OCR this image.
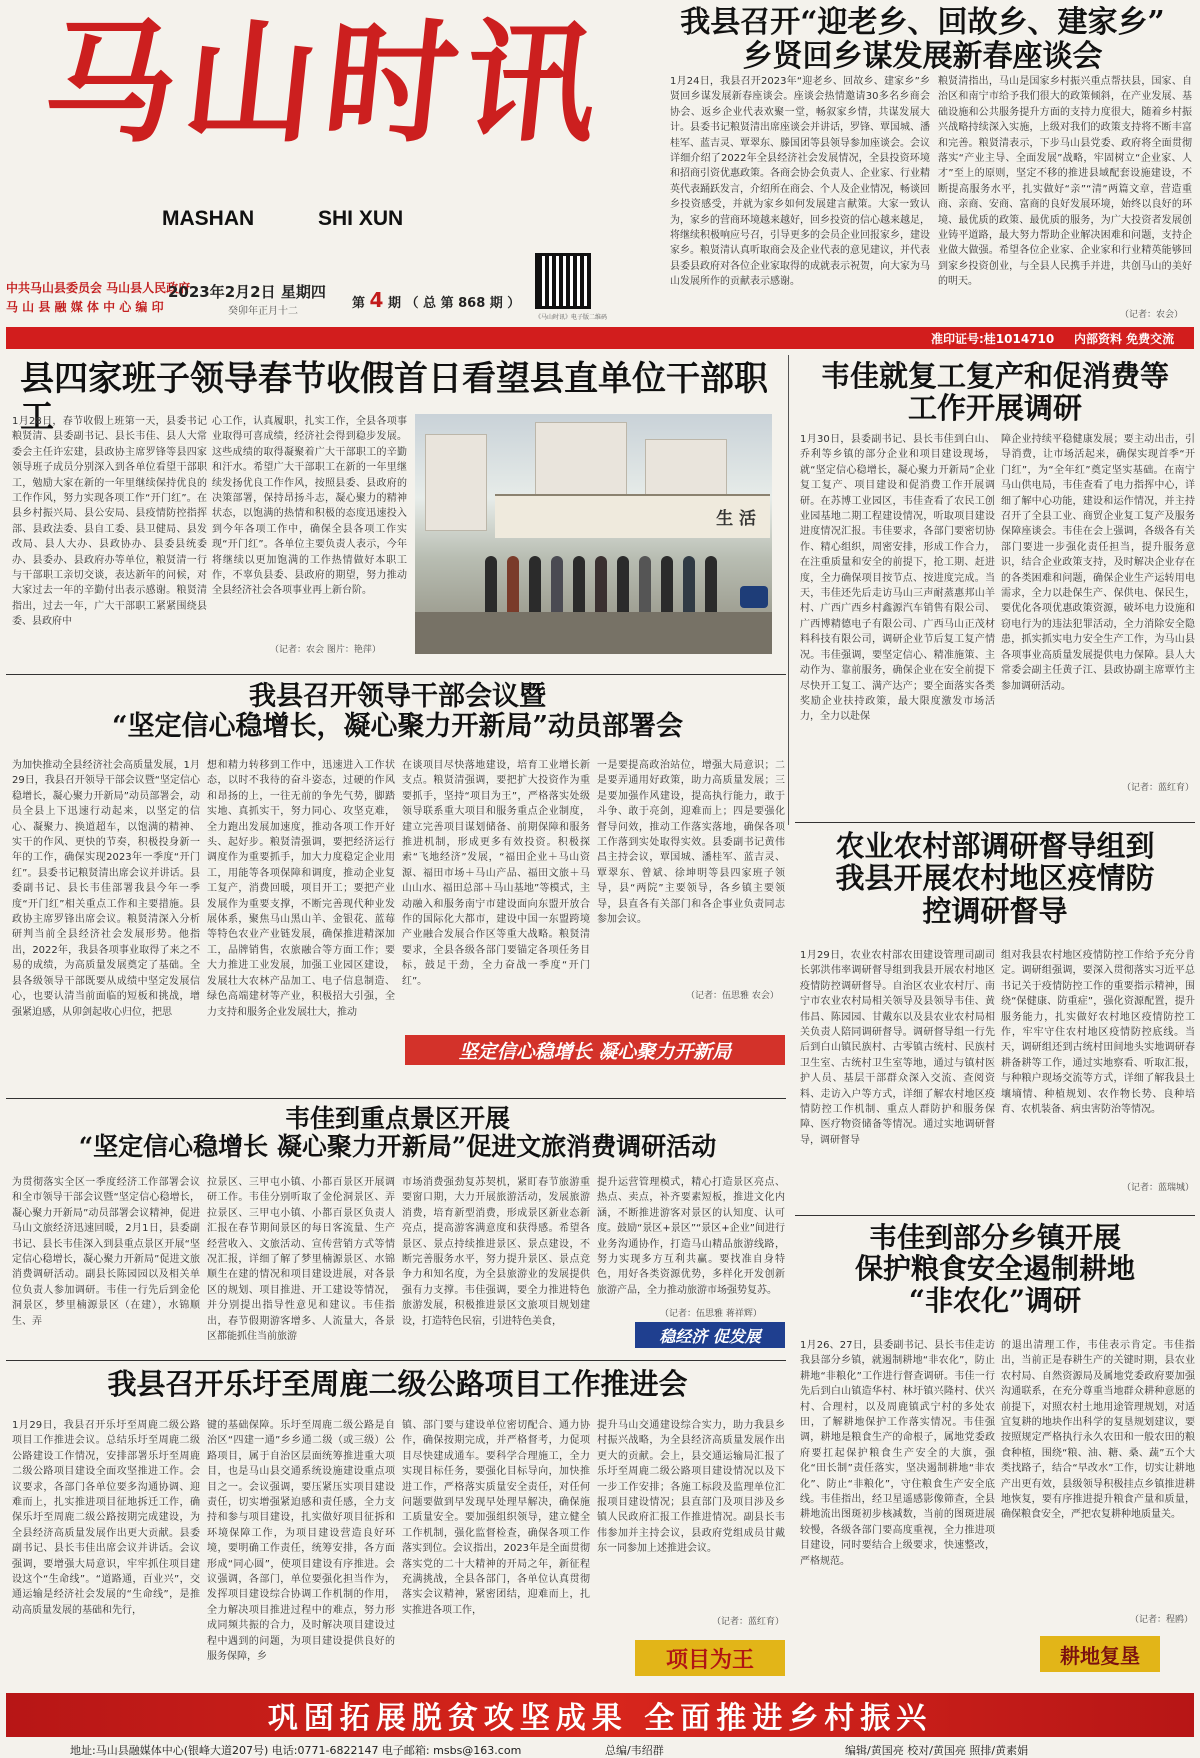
马山时讯
MASHAN	SHI XUN
中共马山县委员会 马山县人民政府
马 山 县 融 媒 体 中 心 编 印
2023年2月2日 星期四
癸卯年正月十二
第 4 期 （ 总 第 868 期 ）
《马山时讯》电子版二维码
我县召开“迎老乡、回故乡、建家乡”
乡贤回乡谋发展新春座谈会
1月24日，我县召开2023年“迎老乡、回故乡、建家乡”乡贤回乡谋发展新春座谈会。座谈会热情邀请30多名乡商会协会、返乡企业代表欢聚一堂，畅叙家乡情，共谋发展大计。县委书记粮贤清出席座谈会并讲话，罗锋、覃国城、潘桂军、蓝吉灵、覃翠东、滕国团等县领导参加座谈会。会议详细介绍了2022年全县经济社会发展情况，全县投资环境和招商引资优惠政策。各商会协会负责人、企业家、行业精英代表踊跃发言，介绍所在商会、个人及企业情况，畅谈回乡投资感受，并就为家乡如何发展建言献策。大家一致认为，家乡的营商环境越来越好，回乡投资的信心越来越足，将继续积极响应号召，引导更多的会员企业回报家乡，建设家乡。粮贤清认真听取商会及企业代表的意见建议，并代表县委县政府对各位企业家取得的成就表示祝贺，向大家为马山发展所作的贡献表示感谢。
粮贤清指出，马山是国家乡村振兴重点帮扶县，国家、自治区和南宁市给予我们很大的政策倾斜，在产业发展、基础设施和公共服务提升方面的支持力度很大，随着乡村振兴战略持续深入实施，上级对我们的政策支持将不断丰富和完善。粮贤清表示，下步马山县党委、政府将全面贯彻落实“产业主导、全面发展”战略，牢固树立“企业家、人才”至上的原则，坚定不移的推进县域配套设施建设，不断提高服务水平，扎实做好“亲”“清”两篇文章，营造重商、亲商、安商、富商的良好发展环境，始终以良好的环境、最优质的政策、最优质的服务，为广大投资者发展创业铸平道路，最大努力帮助企业解决困难和问题，支持企业做大做强。希望各位企业家、企业家和行业精英能够回到家乡投资创业，与全县人民携手并进，共创马山的美好的明天。
（记者：农会）
准印证号:桂1014710 内部资料 免费交流
县四家班子领导春节收假首日看望县直单位干部职工
1月28日，春节收假上班第一天，县委书记粮贤清、县委副书记、县长韦佳、县人大常委会主任许宏建，县政协主席罗锋等县四家领导班子成员分别深入到各单位看望干部职工，勉励大家在新的一年里继续保持优良的工作作风，努力实现各项工作“开门红”。在县乡村振兴局、县公安局、县疫情防控指挥部、县政法委、县自工委、县卫健局、县发改局、县人大办、县政协办、县委县统委办、县委办、县政府办等单位，粮贤清一行与干部职工亲切交谈，表达新年的问候，对大家过去一年的辛勤付出表示感谢。粮贤清指出，过去一年，广大干部职工紧紧围绕县委、县政府中
心工作，认真履职，扎实工作，全县各项事业取得可喜成绩，经济社会得到稳步发展。这些成绩的取得凝聚着广大干部职工的辛勤和汗水。希望广大干部职工在新的一年里继续发扬优良工作作风，按照县委、县政府的决策部署，保持昂扬斗志，凝心聚力的精神状态，以饱满的热情和积极的态度迅速投入到今年各项工作中，确保全县各项工作实现“开门红”。各单位主要负责人表示，今年将继续以更加饱满的工作热情做好本职工作，不辜负县委、县政府的期望，努力推动全县经济社会各项事业再上新台阶。
（记者：农会 图片：艳萍）
生 活
韦佳就复工复产和促消费等
工作开展调研
1月30日，县委副书记、县长韦佳到白山、乔利等乡镇的部分企业和项目建设现场，就“坚定信心稳增长，凝心聚力开新局”企业复工复产、项目建设和促消费工作开展调研。在苏博工业园区，韦佳查看了农民工创业园基地二期工程建设情况，听取项目建设进度情况汇报。韦佳要求，各部门要密切协作、精心组织，周密安排，形成工作合力，在注重质量和安全的前提下，抢工期、赶进度，全力确保项目按节点、按进度完成。当天，韦佳还先后走访马山三声耐蒸惠邦山羊村、广西广西乡村鑫源汽车销售有限公司、广西博精德电子有限公司、广西马山正茂材料科技有限公司，调研企业节后复工复产情况。韦佳强调，要坚定信心、精准施策、主动作为、靠前服务，确保企业在安全前提下尽快开工复工、满产达产；要全面落实各类奖励企业扶持政策，最大限度激发市场活力，全力以赴保
障企业持续平稳健康发展；要主动出击，引导消费，让市场活起来，确保实现首季“开门红”，为“全年红”奠定坚实基础。在南宁马山供电局，韦佳查看了电力指挥中心，详细了解中心功能，建设和运作情况，并主持召开了全县工业、商贸企业复工复产及服务保障座谈会。韦佳在会上强调，各级各有关部门要进一步强化责任担当，提升服务意识，结合企业政策支持，及时解决企业存在的各类困难和问题，确保企业生产运转用电需求，全力以赴保生产、保供电、保民生，要优化各项优惠政策资源，破坏电力设施和窃电行为的违法犯罪活动，全力消除安全隐患，抓实抓实电力安全生产工作，为马山县各项事业高质量发展提供电力保障。县人大常委会副主任黄子江、县政协副主席覃竹主参加调研活动。
（记者：蓝红育）
我县召开领导干部会议暨
“坚定信心稳增长，凝心聚力开新局”动员部署会
为加快推动全县经济社会高质量发展，1月29日，我县召开领导干部会议暨“坚定信心稳增长，凝心聚力开新局”动员部署会，动员全县上下迅速行动起来，以坚定的信心、凝聚力、换道超车，以饱满的精神、实干的作风、更快的节奏，积极投身新一年的工作，确保实现2023年一季度“开门红”。县委书记粮贤清出席会议并讲话。县委副书记、县长韦佳部署我县今年一季度“开门红”相关重点工作和主要措施。县政协主席罗锋出席会议。粮贤清深入分析研判当前全县经济社会发展形势。他指出，2022年，我县各项事业取得了来之不易的成绩，为高质量发展奠定了基础。全县各级领导干部既要从成绩中坚定发展信心，也要认清当前面临的短板和挑战，增强紧迫感，从卯剑起收心归位，把思
想和精力转移到工作中，迅速进入工作状态，以时不我待的奋斗姿态，过硬的作风和昂扬的上，一往无前的争先气势，脚踏实地、真抓实干，努力同心、攻坚克难，全力跑出发展加速度，推动各项工作开好头、起好步。粮贤清强调，要把经济运行调度作为重要抓手，加大力度稳定企业用工，用能等各项保障和调度，推动企业复工复产，消费回暖，项目开工；要把产业发展作为重要支撑，不断完善现代种业发展体系，聚焦马山黑山羊、金银花、蓝莓等特色农业产业链发展，确保推进精深加工，品牌销售，农旅融合等方面工作；要大力推进工业发展，加强工业园区建设，发展壮大农林产品加工、电子信息制造、绿色高端建材等产业，积极招大引强，全力支持和服务企业发展壮大，推动
在谈项目尽快落地建设，培育工业增长新支点。粮贤清强调，要把扩大投资作为重要抓手，坚持“项目为王”，严格落实处级领导联系重大项目和服务重点企业制度，建立完善项目谋划储备、前期保障和服务推进机制，形成更多有效投资。积极探索“飞地经济”发展，“福田企业＋马山资源、福田市场＋马山产品、福田文旅＋马山山水、福田总部＋马山基地”等模式，主动融入和服务南宁市建设面向东盟开放合作的国际化大都市，建设中国一东盟跨境产业融合发展合作区等重大战略。粮贤清要求，全县各级各部门要锚定各项任务目标，鼓足干劲，全力奋战一季度“开门红”。
一是要提高政治站位，增强大局意识；二是要弄通用好政策，助力高质量发展；三是要加强作风建设，提高执行能力，敢于斗争、敢于亮剑，迎难而上；四是要强化督导问效，推动工作落实落地，确保各项工作落到实处取得实效。县委副书记黄伟昌主持会议，覃国城、潘桂军、蓝吉灵、覃翠东、曾斌、徐坤明等县四家班子领导，县“两院”主要领导，各乡镇主要领导，县直各有关部门和各企事业负责同志参加会议。
（记者：伍思雅 农会）
坚定信心稳增长 凝心聚力开新局
农业农村部调研督导组到
我县开展农村地区疫情防
控调研督导
1月29日，农业农村部农田建设管理司副司长郭洪伟率调研督导组到我县开展农村地区疫情防控调研督导。自治区农业农村厅、南宁市农业农村局相关领导及县领导韦佳、黄伟昌、陈园园、甘戴东以及县农业农村局相关负责人陪同调研督导。调研督导组一行先后到白山镇民族村、古零镇古统村、民族村卫生室、古统村卫生室等地，通过与镇村医护人员、基层干部群众深入交流、查阅资料、走访入户等方式，详细了解农村地区疫情防控工作机制、重点人群防护和服务保障、医疗物资储备等情况。通过实地调研督导，调研督导
组对我县农村地区疫情防控工作给予充分肯定。调研组强调，要深入贯彻落实习近平总书记关于疫情防控工作的重要指示精神，围绕“保健康、防重症”，强化资源配置，提升服务能力，扎实做好农村地区疫情防控工作，牢牢守住农村地区疫情防控底线。当天，调研组还到古统村田间地头实地调研春耕备耕等工作，通过实地察看、听取汇报，与种粮户现场交流等方式，详细了解我县土壤墒情、种植规划、农作物长势、良种培育、农机装备、病虫害防治等情况。
（记者：蓝瑞城）
韦佳到重点景区开展
“坚定信心稳增长 凝心聚力开新局”促进文旅消费调研活动
为贯彻落实全区一季度经济工作部署会议和全市领导干部会议暨“坚定信心稳增长，凝心聚力开新局”动员部署会议精神，促进马山文旅经济迅速回暖，2月1日，县委副书记、县长韦佳深入到县重点景区开展“坚定信心稳增长，凝心聚力开新局”促进文旅消费调研活动。副县长陈园园以及相关单位负责人参加调研。韦佳一行先后到金伦洞景区，梦里楠源景区（在建），水锦顺生、弄
拉景区、三甲屯小镇、小都百景区开展调研工作。韦佳分别听取了金伦洞景区、弄拉景区、三甲屯小镇、小都百景区负责人汇报在春节期间景区的每日客流量、生产经营收入、文旅活动、宣传营销方式等情况汇报，详细了解了梦里楠源景区、水锦顺生在建的情况和项目建设进展，对各景区的规划、项目推进、开工建设等情况，并分别提出指导性意见和建议。韦佳指出，春节假期游客增多、人流量大，各景区都能抓住当前旅游
市场消费强劲复苏契机，紧盯春节旅游重要窗口期，大力开展旅游活动，发展旅游消费，培育新型消费，形成景区新业态新亮点，提高游客满意度和获得感。希望各景区、景点持续推进景区、景点建设，不断完善服务水平，努力提升景区、景点竞争力和知名度，为全县旅游业的发展提供强有力支撑。韦佳强调，要全力推进特色旅游发展，积极推进景区文旅项目规划建设，打造特色民宿，引进特色美食，
提升运营管理模式，精心打造景区亮点、热点、卖点，补齐要素短板，推进文化内涵，不断推进游客对景区的认知度、认可度。鼓励“景区+景区”“景区+企业”间进行业务沟通协作，打造马山精品旅游线路，努力实现多方互利共赢。要找准自身特色，用好各类资源优势，多样化开发创新旅游产品，全力推动旅游市场强势复苏。
（记者：伍思雅 蒋祥辉）
稳经济 促发展
韦佳到部分乡镇开展
保护粮食安全遏制耕地
“非农化”调研
1月26、27日，县委副书记、县长韦佳走访我县部分乡镇，就遏制耕地“非农化”，防止耕地“非粮化”工作进行督查调研。韦佳一行先后到白山镇造华村、林圩镇兴隆村、伏兴村、合理村，以及周鹿镇武宁村的多处农田，了解耕地保护工作落实情况。韦佳强调，耕地是粮食生产的命根子，属地党委政府要扛起保护粮食生产安全的大旗，强化“田长制”责任落实，坚决遏制耕地“非农化”、防止“非粮化”，守住粮食生产安全底线。韦佳指出，经卫星遥感影像筛查，全县耕地流出图斑初步核减数，当前的图斑进展较慢，各级各部门要高度重视，全力推进项目建设，同时要结合上级要求，快速整改，严格规范。
的退出清理工作，韦佳表示肯定。韦佳指出，当前正是春耕生产的关键时期，县农业农村局、自然资源局及属地党委政府要加强沟通联系，在充分尊重当地群众耕种意愿的前提下，对照农村土地用途管理规划，对适宜复耕的地块作出科学的复垦规划建议，要按照规定严格执行永久农田和一般农田的粮食种植，围绕“粮、油、糖、桑、蔬”五个大类找路子，结合“早改水”工作，切实让耕地产出更有效，县级领导积极挂点乡镇推进耕地恢复，要有序推进提升粮食产量和质量，确保粮食安全，严把农复耕种地质量关。
（记者：程鸥）
耕地复垦
我县召开乐圩至周鹿二级公路项目工作推进会
1月29日，我县召开乐圩至周鹿二级公路项目工作推进会议。总结乐圩至周鹿二级公路建设工作情况，安排部署乐圩至周鹿二级公路项目建设全面攻坚推进工作。会议要求，各部门各单位要多沟通协调、迎难而上，扎实推进项目征地拆迁工作，确保乐圩至周鹿二级公路按期完成建设，为全县经济高质量发展作出更大贡献。县委副书记、县长韦佳出席会议并讲话。会议强调，要增强大局意识，牢牢抓住项目建设这个“生命线”。“道路通，百业兴”，交通运输是经济社会发展的“生命线”，是推动高质量发展的基础和先行，
键的基础保障。乐圩至周鹿二级公路是自治区“四建一通”乡乡通二级（或三级）公路项目，属于自治区层面统筹推进重大项目，也是马山县交通系统设施建设重点项目之一。会议强调，要压紧压实项目建设责任，切实增强紧迫感和责任感，全力支持和参与项目建设，扎实做好项目征拆和环境保障工作，为项目建设营造良好环境，要明确工作责任，统筹安排，各方面形成“同心圆”，使项目建设有序推进。会议强调，各部门，单位要强化担当作为，发挥项目建设综合协调工作机制的作用，全力解决项目推进过程中的难点，努力形成同频共振的合力，及时解决项目建设过程中遇到的问题，为项目建设提供良好的服务保障，乡
镇、部门要与建设单位密切配合、通力协作，确保按期完成，并严格督考，力促项目尽快建成通车。要科学合理施工，全力实现目标任务，要强化目标导向，加快推进工作，严格落实质量安全责任，对任何问题要做到早发现早处理早解决，确保施工质量安全。要加强组织领导，建立健全工作机制，强化监督检查，确保各项工作落实到位。会议指出，2023年是全面贯彻落实党的二十大精神的开局之年，新征程充满挑战，全县各部门，各单位认真贯彻落实会议精神，紧密团结，迎难而上，扎实推进各项工作，
提升马山交通建设综合实力，助力我县乡村振兴战略，为全县经济高质量发展作出更大的贡献。会上，县交通运输局汇报了乐圩至周鹿二级公路项目建设情况以及下一步工作安排；各施工标段及监理单位汇报项目建设情况；县直部门及项目涉及乡镇人民政府汇报工作推进情况。副县长韦伟参加并主持会议，县政府党组成员甘戴东一同参加上述推进会议。
（记者：蓝红育）
项目为王
巩固拓展脱贫攻坚成果 全面推进乡村振兴
地址:马山县融媒体中心(银峰大道207号) 电话:0771-6822147 电子邮箱: msbs@163.com	总编/韦绍群	编辑/黄国亮 校对/黄国亮 照排/黄素娟
